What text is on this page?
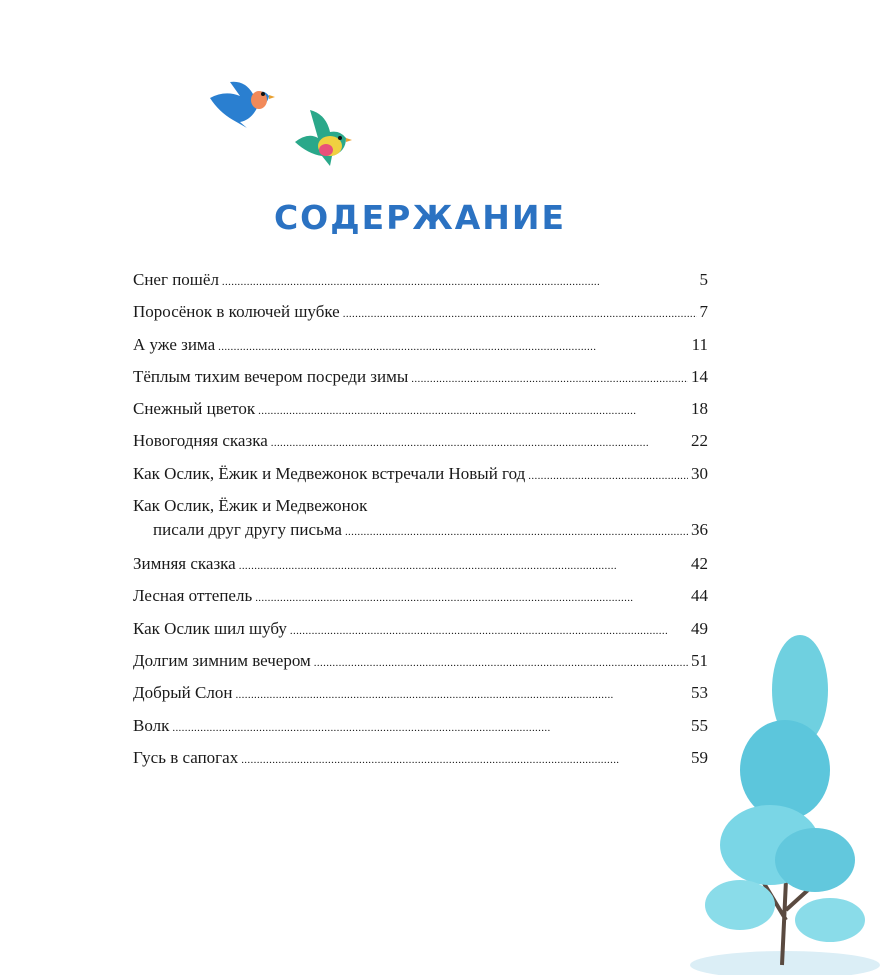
СОДЕРЖАНИЕ
Снег пошёл . . .	5
Поросёнок в колючей шубке . . .	7
А уже зима . . .	11
Тёплым тихим вечером посреди зимы . . .	14
Снежный цветок . . .	18
Новогодняя сказка . . .	22
Как Ослик, Ёжик и Медвежонок встречали Новый год . . .	30
Как Ослик, Ёжик и Медвежонок
писали друг другу письма . . .	36
Зимняя сказка . . .	42
Лесная оттепель . . .	44
Как Ослик шил шубу . . .	49
Долгим зимним вечером . . .	51
Добрый Слон . . .	53
Волк . . .	55
Гусь в сапогах . . .	59
